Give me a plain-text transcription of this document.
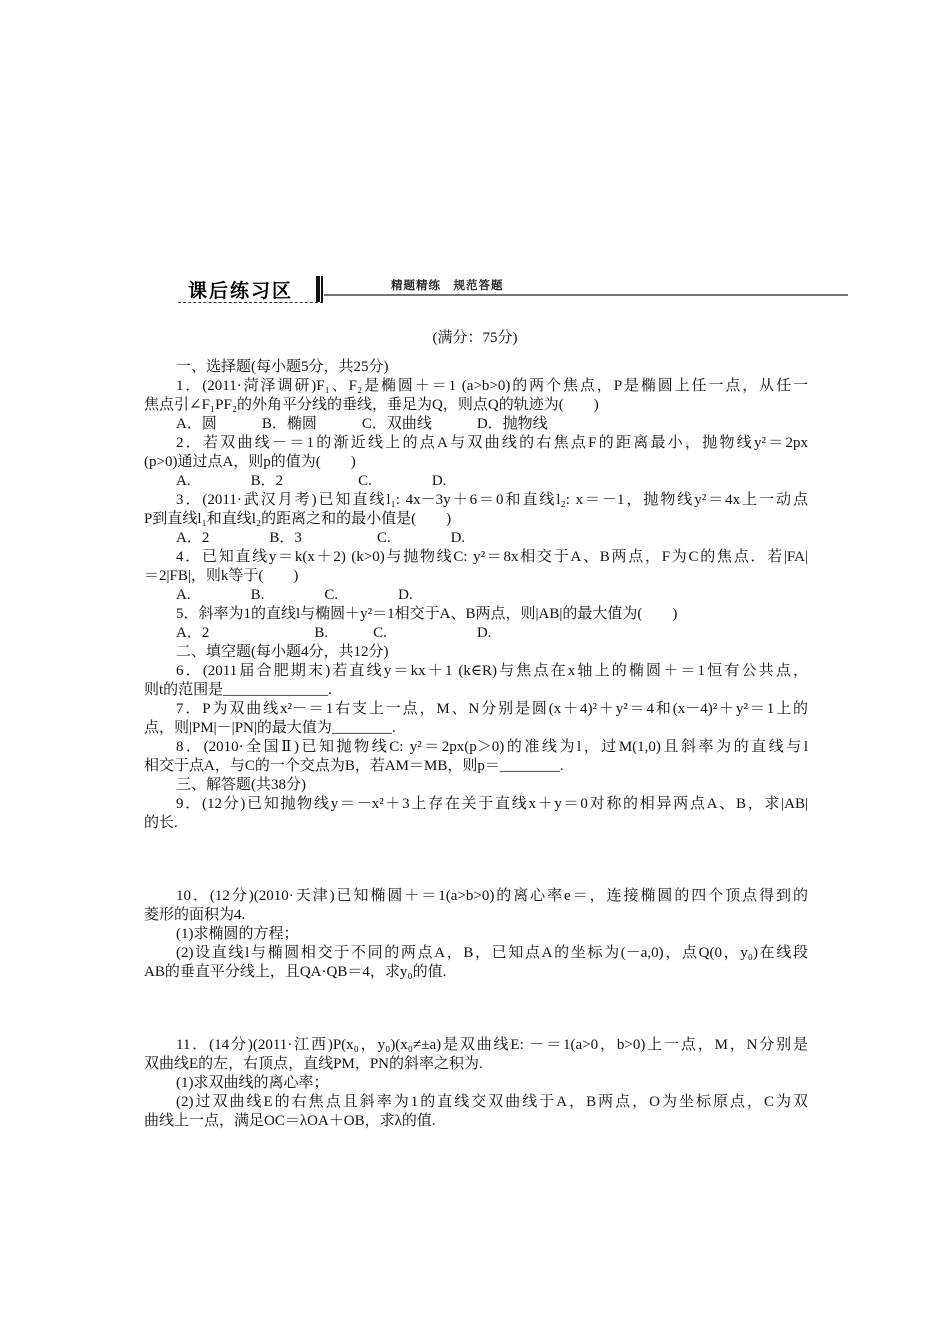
课后练习区	精题精练　规范答题
(满分：75分)
一、选择题(每小题5分，共25分)
1．(2011·菏泽调研)F₁、F₂是椭圆＋＝1 (a>b>0)的两个焦点，P是椭圆上任一点，从任一
焦点引∠F₁PF₂的外角平分线的垂线，垂足为Q，则点Q的轨迹为(　　)
A．圆　　　B．椭圆　　　C．双曲线　　　D．抛物线
2．若双曲线－＝1的渐近线上的点A与双曲线的右焦点F的距离最小，抛物线y²＝2px
(p>0)通过点A，则p的值为(　　)
A.　　　　B．2　　　　　C.　　　　D.
3．(2011·武汉月考)已知直线l₁: 4x－3y＋6＝0和直线l₂: x＝－1，抛物线y²＝4x上一动点
P到直线l₁和直线l₂的距离之和的最小值是(　　)
A．2　　　　B．3　　　　　C.　　　　D.
4．已知直线y＝k(x＋2) (k>0)与抛物线C: y²＝8x相交于A、B两点，F为C的焦点．若|FA|
＝2|FB|，则k等于(　　)
A.　　　　B.　　　　C.　　　　D.
5．斜率为1的直线l与椭圆＋y²＝1相交于A、B两点，则|AB|的最大值为(　　)
A．2　　　　　　　B.　　　C.　　　　　　D.
二、填空题(每小题4分，共12分)
6．(2011届合肥期末)若直线y＝kx＋1 (k∈R)与焦点在x轴上的椭圆＋＝1恒有公共点，
则t的范围是______________.
7．P为双曲线x²－＝1右支上一点，M、N分别是圆(x＋4)²＋y²＝4和(x－4)²＋y²＝1上的
点，则|PM|－|PN|的最大值为________.
8．(2010·全国Ⅱ)已知抛物线C: y²＝2px(p＞0)的准线为l，过M(1,0)且斜率为的直线与l
相交于点A，与C的一个交点为B，若AM＝MB，则p＝________.
三、解答题(共38分)
9．(12分)已知抛物线y＝－x²＋3上存在关于直线x＋y＝0对称的相异两点A、B，求|AB|
的长.
10．(12分)(2010·天津)已知椭圆＋＝1(a>b>0)的离心率e＝，连接椭圆的四个顶点得到的
菱形的面积为4.
(1)求椭圆的方程；
(2)设直线l与椭圆相交于不同的两点A，B，已知点A的坐标为(－a,0)，点Q(0，y₀)在线段
AB的垂直平分线上，且QA·QB＝4，求y₀的值.
11．(14分)(2011·江西)P(x₀，y₀)(x₀≠±a)是双曲线E: －＝1(a>0，b>0)上一点，M，N分别是
双曲线E的左，右顶点，直线PM，PN的斜率之积为.
(1)求双曲线的离心率；
(2)过双曲线E的右焦点且斜率为1的直线交双曲线于A，B两点，O为坐标原点，C为双
曲线上一点，满足OC＝λOA＋OB，求λ的值.
